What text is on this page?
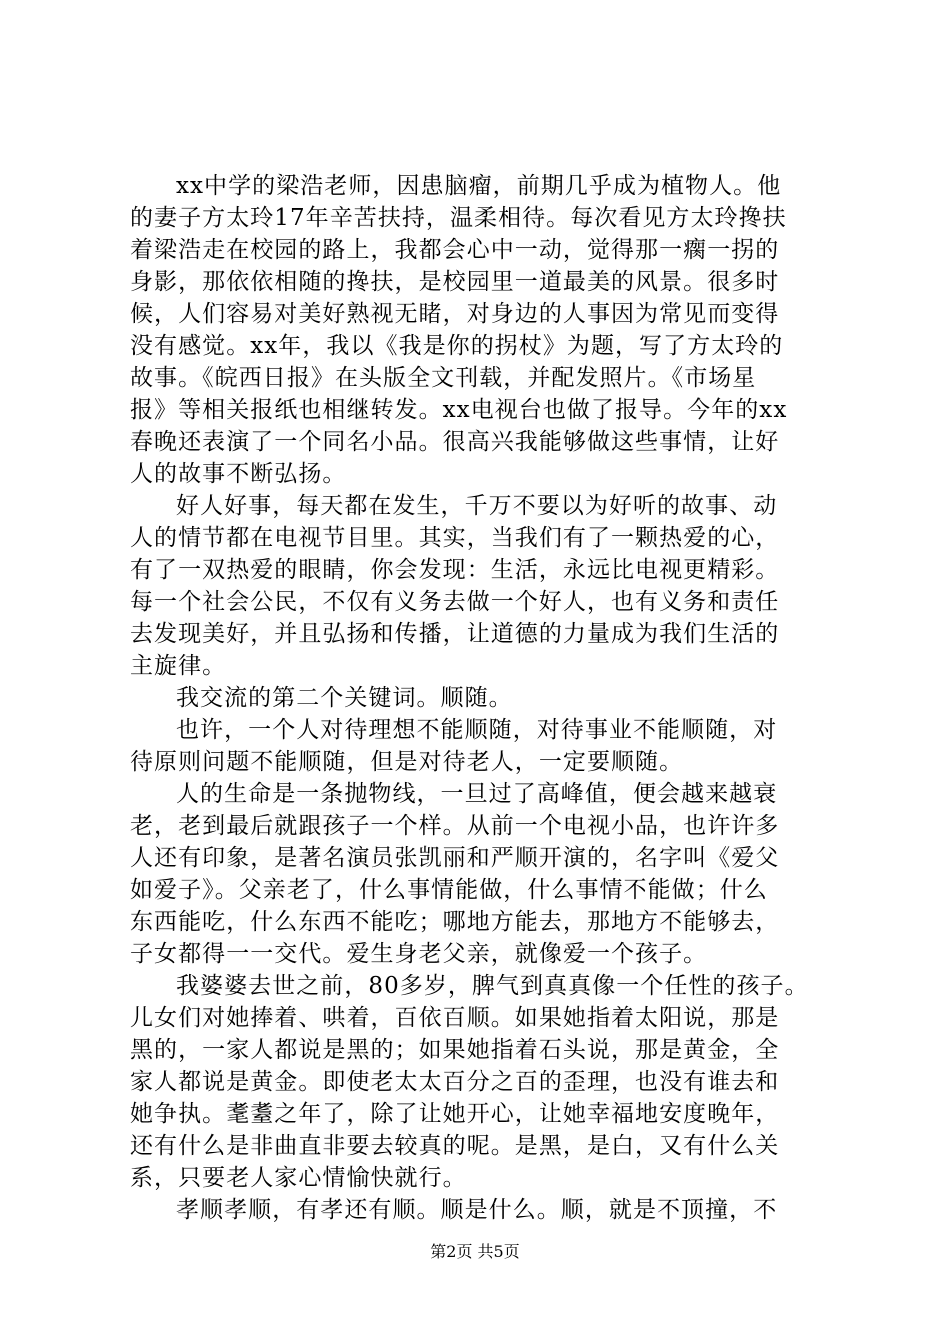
xx中学的梁浩老师，因患脑瘤，前期几乎成为植物人。他
的妻子方太玲17年辛苦扶持，温柔相待。每次看见方太玲搀扶
着梁浩走在校园的路上，我都会心中一动，觉得那一瘸一拐的
身影，那依依相随的搀扶，是校园里一道最美的风景。很多时
候，人们容易对美好熟视无睹，对身边的人事因为常见而变得
没有感觉。xx年，我以《我是你的拐杖》为题，写了方太玲的
故事。《皖西日报》在头版全文刊载，并配发照片。《市场星
报》等相关报纸也相继转发。xx电视台也做了报导。今年的xx
春晚还表演了一个同名小品。很高兴我能够做这些事情，让好
人的故事不断弘扬。
好人好事，每天都在发生，千万不要以为好听的故事、动
人的情节都在电视节目里。其实，当我们有了一颗热爱的心，
有了一双热爱的眼睛，你会发现：生活，永远比电视更精彩。
每一个社会公民，不仅有义务去做一个好人，也有义务和责任
去发现美好，并且弘扬和传播，让道德的力量成为我们生活的
主旋律。
我交流的第二个关键词。顺随。
也许，一个人对待理想不能顺随，对待事业不能顺随，对
待原则问题不能顺随，但是对待老人，一定要顺随。
人的生命是一条抛物线，一旦过了高峰值，便会越来越衰
老，老到最后就跟孩子一个样。从前一个电视小品，也许许多
人还有印象，是著名演员张凯丽和严顺开演的，名字叫《爱父
如爱子》。父亲老了，什么事情能做，什么事情不能做；什么
东西能吃，什么东西不能吃；哪地方能去，那地方不能够去，
子女都得一一交代。爱生身老父亲，就像爱一个孩子。
我婆婆去世之前，80多岁，脾气到真真像一个任性的孩子。
儿女们对她捧着、哄着，百依百顺。如果她指着太阳说，那是
黑的，一家人都说是黑的；如果她指着石头说，那是黄金，全
家人都说是黄金。即使老太太百分之百的歪理，也没有谁去和
她争执。耄耋之年了，除了让她开心，让她幸福地安度晚年，
还有什么是非曲直非要去较真的呢。是黑，是白，又有什么关
系，只要老人家心情愉快就行。
孝顺孝顺，有孝还有顺。顺是什么。顺，就是不顶撞，不
第2页 共5页
